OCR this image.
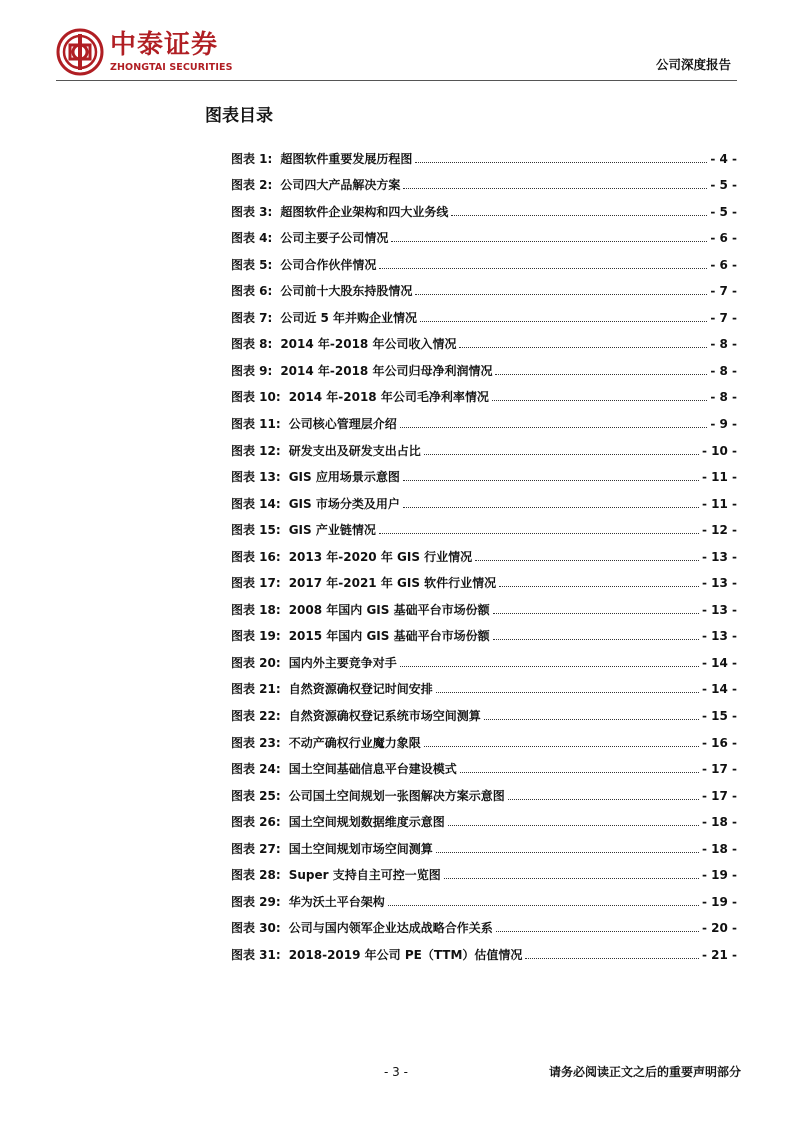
中泰证券
ZHONGTAI SECURITIES	公司深度报告
图表目录
图表 1: 超图软件重要发展历程图	- 4 -
图表 2: 公司四大产品解决方案	- 5 -
图表 3: 超图软件企业架构和四大业务线	- 5 -
图表 4: 公司主要子公司情况	- 6 -
图表 5: 公司合作伙伴情况	- 6 -
图表 6: 公司前十大股东持股情况	- 7 -
图表 7: 公司近 5 年并购企业情况	- 7 -
图表 8: 2014 年-2018 年公司收入情况	- 8 -
图表 9: 2014 年-2018 年公司归母净利润情况	- 8 -
图表 10: 2014 年-2018 年公司毛净利率情况	- 8 -
图表 11: 公司核心管理层介绍	- 9 -
图表 12: 研发支出及研发支出占比	- 10 -
图表 13: GIS 应用场景示意图	- 11 -
图表 14: GIS 市场分类及用户	- 11 -
图表 15: GIS 产业链情况	- 12 -
图表 16: 2013 年-2020 年 GIS 行业情况	- 13 -
图表 17: 2017 年-2021 年 GIS 软件行业情况	- 13 -
图表 18: 2008 年国内 GIS 基础平台市场份额	- 13 -
图表 19: 2015 年国内 GIS 基础平台市场份额	- 13 -
图表 20: 国内外主要竞争对手	- 14 -
图表 21: 自然资源确权登记时间安排	- 14 -
图表 22: 自然资源确权登记系统市场空间测算	- 15 -
图表 23: 不动产确权行业魔力象限	- 16 -
图表 24: 国土空间基础信息平台建设模式	- 17 -
图表 25: 公司国土空间规划一张图解决方案示意图	- 17 -
图表 26: 国土空间规划数据维度示意图	- 18 -
图表 27: 国土空间规划市场空间测算	- 18 -
图表 28: Super 支持自主可控一览图	- 19 -
图表 29: 华为沃土平台架构	- 19 -
图表 30: 公司与国内领军企业达成战略合作关系	- 20 -
图表 31: 2018-2019 年公司 PE（TTM）估值情况	- 21 -
- 3 -	请务必阅读正文之后的重要声明部分
